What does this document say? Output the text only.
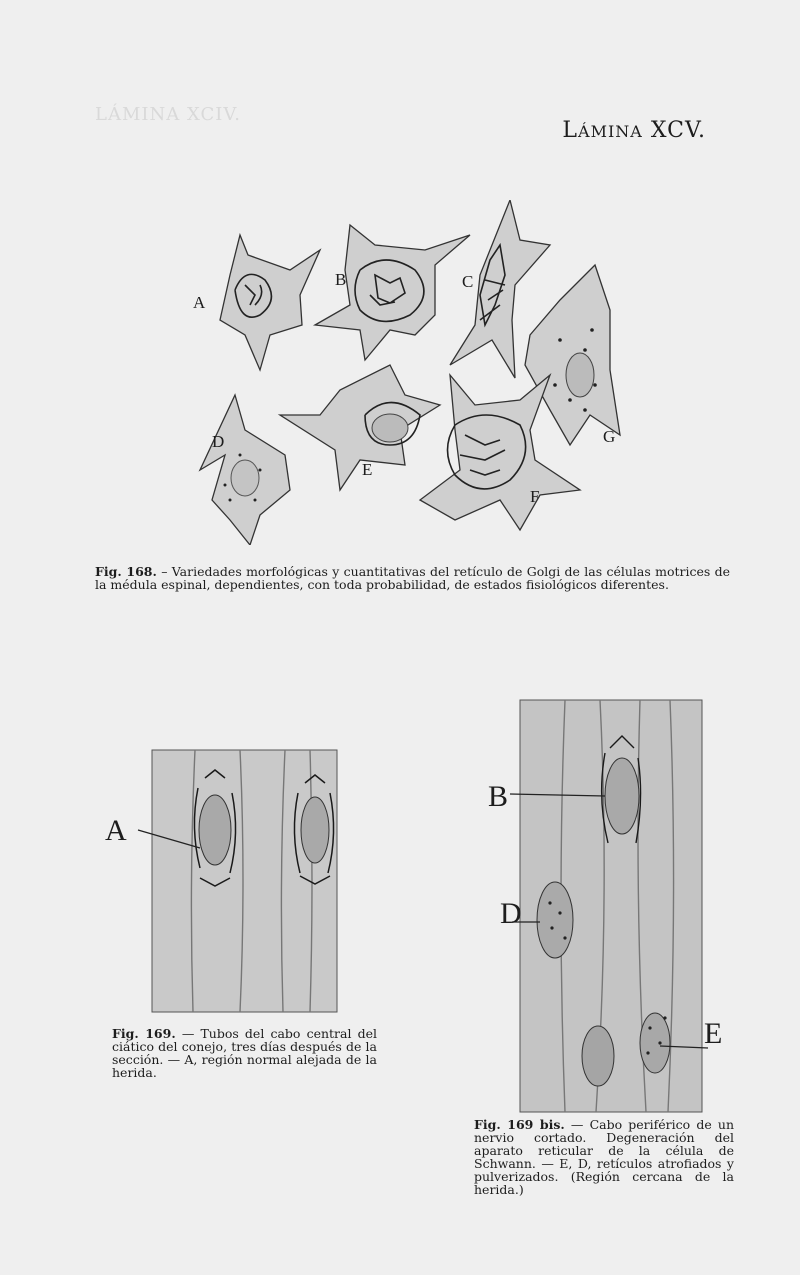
LÁMINA XCIV.
LÁMINA XCV.
A
B	C
D
E
F
G
Fig. 168. – Variedades morfológicas y cuantitativas del retículo de Golgi de las células motrices de la médula espinal, dependientes, con toda probabilidad, de estados fisiológicos diferentes.
A
Fig. 169. — Tubos del cabo central del ciático del conejo, tres días después de la sección. — A, región normal alejada de la herida.
B
D
E
Fig. 169 bis. — Cabo periférico de un nervio cortado. Degeneración del aparato reticular de la célula de Schwann. — E, D, retículos atrofiados y pulverizados. (Región cercana de la herida.)
